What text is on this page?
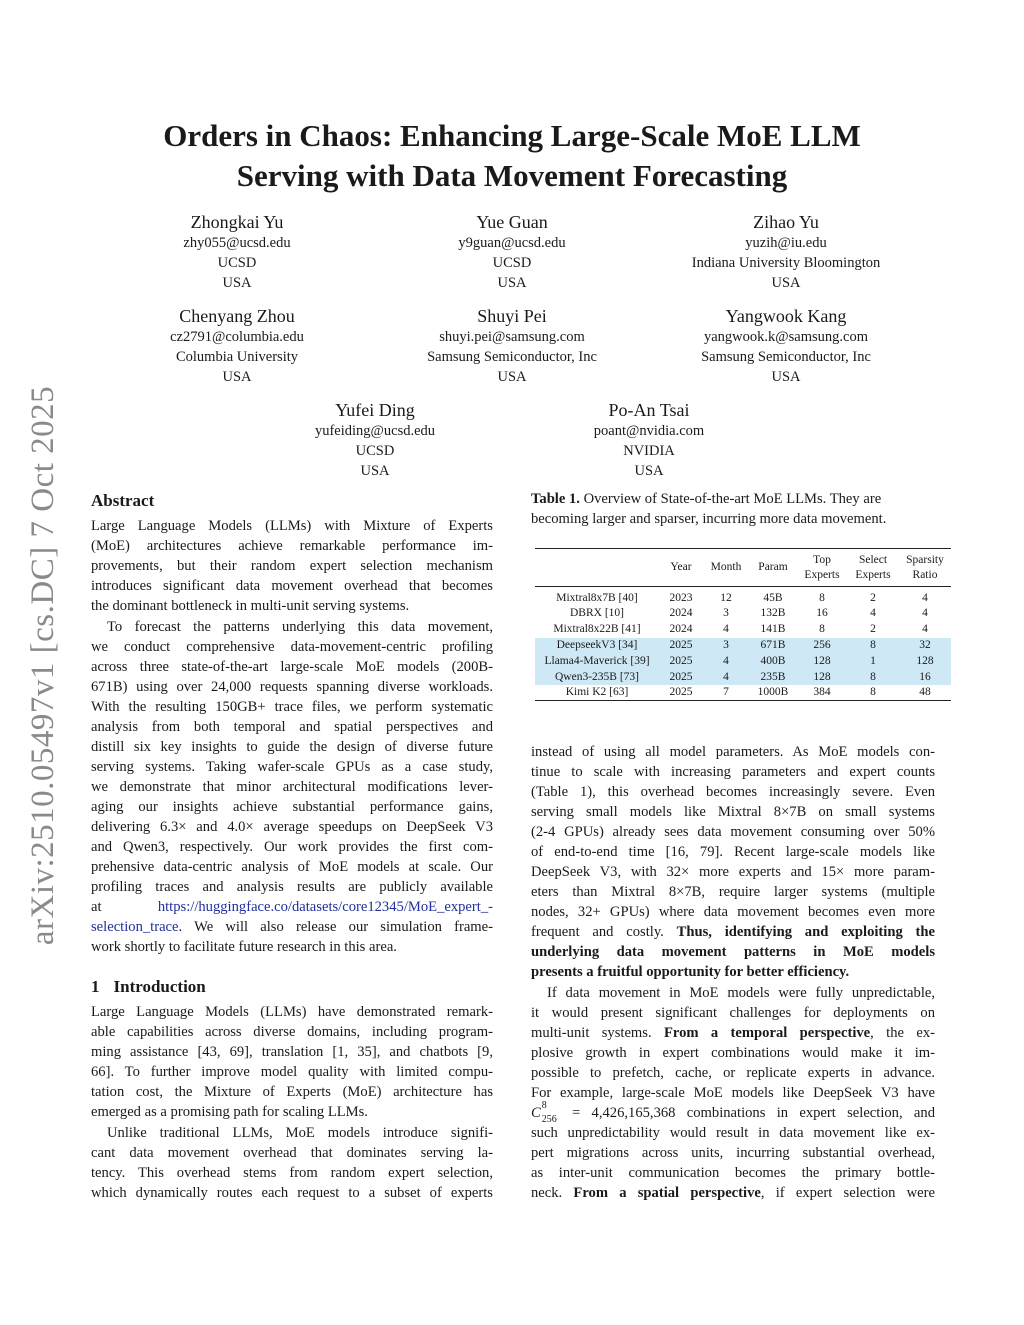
arXiv:2510.05497v1 [cs.DC] 7 Oct 2025
Orders in Chaos: Enhancing Large-Scale MoE LLM
Serving with Data Movement Forecasting
Zhongkai Yu
zhy055@ucsd.edu
UCSD
USA
Yue Guan
y9guan@ucsd.edu
UCSD
USA
Zihao Yu
yuzih@iu.edu
Indiana University Bloomington
USA
Chenyang Zhou
cz2791@columbia.edu
Columbia University
USA
Shuyi Pei
shuyi.pei@samsung.com
Samsung Semiconductor, Inc
USA
Yangwook Kang
yangwook.k@samsung.com
Samsung Semiconductor, Inc
USA
Yufei Ding
yufeiding@ucsd.edu
UCSD
USA
Po-An Tsai
poant@nvidia.com
NVIDIA
USA
Abstract
Large Language Models (LLMs) with Mixture of Experts
(MoE) architectures achieve remarkable performance im-
provements, but their random expert selection mechanism
introduces significant data movement overhead that becomes
the dominant bottleneck in multi-unit serving systems.
To forecast the patterns underlying this data movement,
we conduct comprehensive data-movement-centric profiling
across three state-of-the-art large-scale MoE models (200B-
671B) using over 24,000 requests spanning diverse workloads.
With the resulting 150GB+ trace files, we perform systematic
analysis from both temporal and spatial perspectives and
distill six key insights to guide the design of diverse future
serving systems. Taking wafer-scale GPUs as a case study,
we demonstrate that minor architectural modifications lever-
aging our insights achieve substantial performance gains,
delivering 6.3× and 4.0× average speedups on DeepSeek V3
and Qwen3, respectively. Our work provides the first com-
prehensive data-centric analysis of MoE models at scale. Our
profiling traces and analysis results are publicly available
at https://huggingface.co/datasets/core12345/MoE_expert_-
selection_trace. We will also release our simulation frame-
work shortly to facilitate future research in this area.
1 Introduction
Large Language Models (LLMs) have demonstrated remark-
able capabilities across diverse domains, including program-
ming assistance [43, 69], translation [1, 35], and chatbots [9,
66]. To further improve model quality with limited compu-
tation cost, the Mixture of Experts (MoE) architecture has
emerged as a promising path for scaling LLMs.
Unlike traditional LLMs, MoE models introduce signifi-
cant data movement overhead that dominates serving la-
tency. This overhead stems from random expert selection,
which dynamically routes each request to a subset of experts
Table 1. Overview of State-of-the-art MoE LLMs. They are
becoming larger and sparser, incurring more data movement.
	Year	Month	Param	Top Experts	Select Experts	Sparsity Ratio
Mixtral8x7B [40]	2023	12	45B	8	2	4
DBRX [10]	2024	3	132B	16	4	4
Mixtral8x22B [41]	2024	4	141B	8	2	4
DeepseekV3 [34]	2025	3	671B	256	8	32
Llama4-Maverick [39]	2025	4	400B	128	1	128
Qwen3-235B [73]	2025	4	235B	128	8	16
Kimi K2 [63]	2025	7	1000B	384	8	48
instead of using all model parameters. As MoE models con-
tinue to scale with increasing parameters and expert counts
(Table 1), this overhead becomes increasingly severe. Even
serving small models like Mixtral 8×7B on small systems
(2-4 GPUs) already sees data movement consuming over 50%
of end-to-end time [16, 79]. Recent large-scale models like
DeepSeek V3, with 32× more experts and 15× more param-
eters than Mixtral 8×7B, require larger systems (multiple
nodes, 32+ GPUs) where data movement becomes even more
frequent and costly. Thus, identifying and exploiting the
underlying data movement patterns in MoE models
presents a fruitful opportunity for better efficiency.
If data movement in MoE models were fully unpredictable,
it would present significant challenges for deployments on
multi-unit systems. From a temporal perspective, the ex-
plosive growth in expert combinations would make it im-
possible to prefetch, cache, or replicate experts in advance.
For example, large-scale MoE models like DeepSeek V3 have
C 8
256 = 4,426,165,368 combinations in expert selection, and
such unpredictability would result in data movement like ex-
pert migrations across units, incurring substantial overhead,
as inter-unit communication becomes the primary bottle-
neck. From a spatial perspective, if expert selection were
